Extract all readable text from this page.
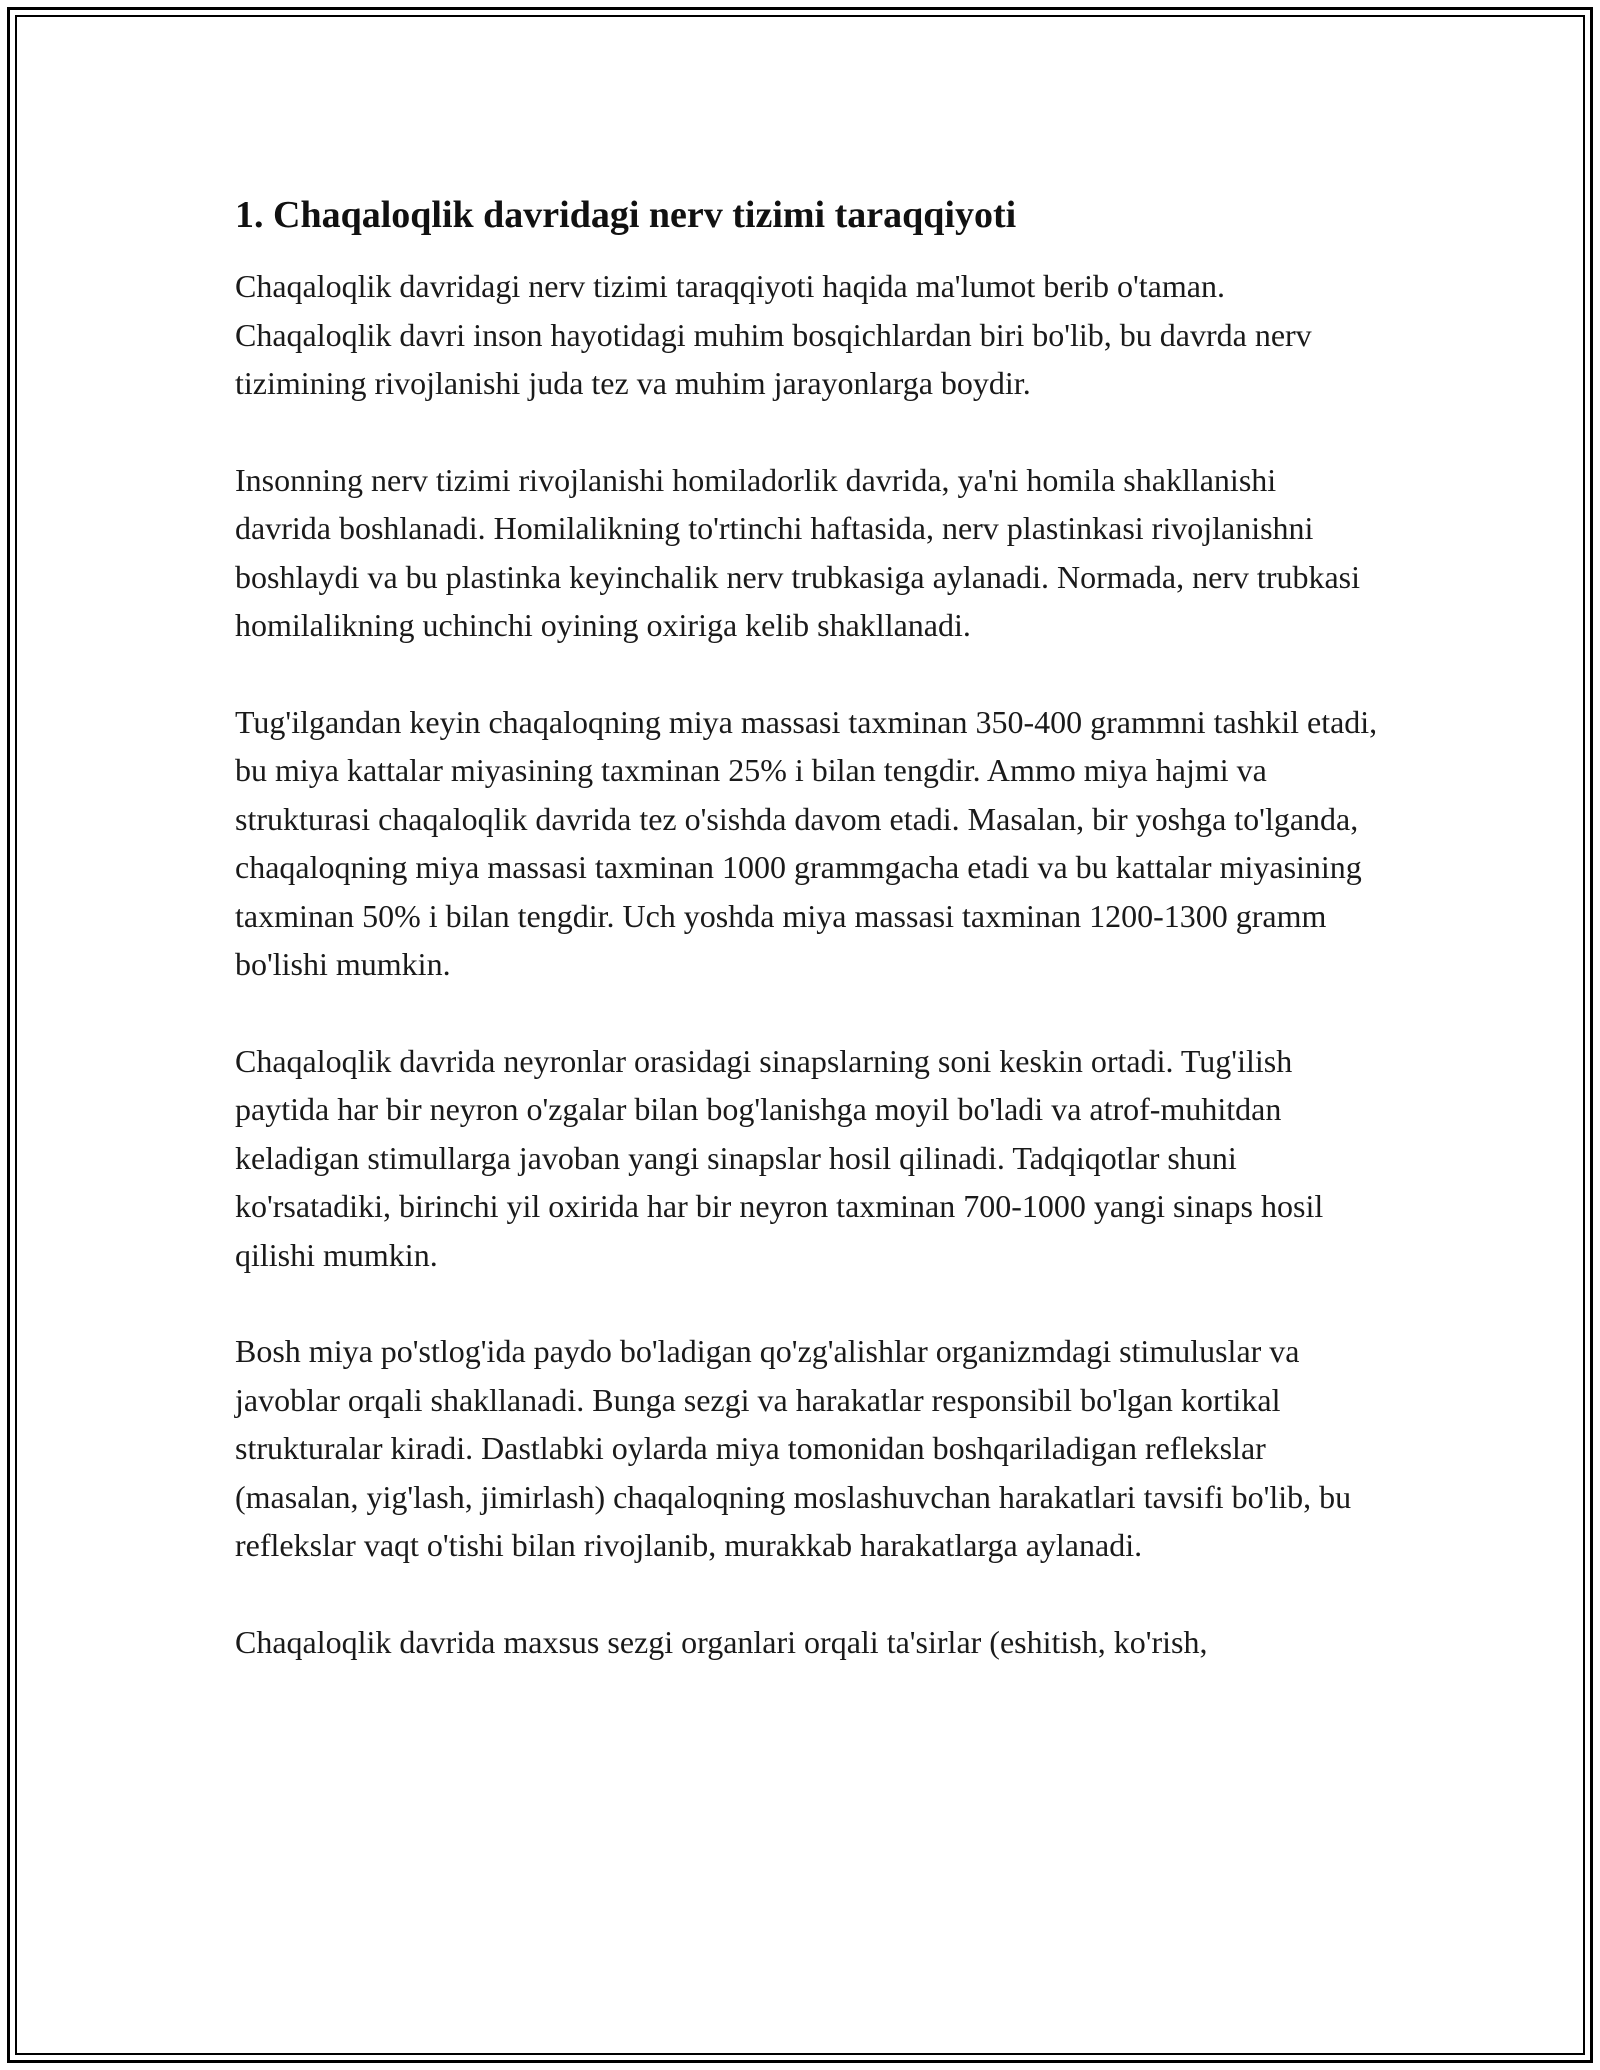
1. Chaqaloqlik davridagi nerv tizimi taraqqiyoti

Chaqaloqlik davridagi nerv tizimi taraqqiyoti haqida ma'lumot berib o'taman. Chaqaloqlik davri inson hayotidagi muhim bosqichlardan biri bo'lib, bu davrda nerv tizimining rivojlanishi juda tez va muhim jarayonlarga boydir.

Insonning nerv tizimi rivojlanishi homiladorlik davrida, ya'ni homila shakllanishi davrida boshlanadi. Homilalikning to'rtinchi haftasida, nerv plastinkasi rivojlanishni boshlaydi va bu plastinka keyinchalik nerv trubkasiga aylanadi. Normada, nerv trubkasi homilalikning uchinchi oyining oxiriga kelib shakllanadi.

Tug'ilgandan keyin chaqaloqning miya massasi taxminan 350-400 grammni tashkil etadi, bu miya kattalar miyasining taxminan 25% i bilan tengdir. Ammo miya hajmi va strukturasi chaqaloqlik davrida tez o'sishda davom etadi. Masalan, bir yoshga to'lganda, chaqaloqning miya massasi taxminan 1000 grammgacha etadi va bu kattalar miyasining taxminan 50% i bilan tengdir. Uch yoshda miya massasi taxminan 1200-1300 gramm bo'lishi mumkin.

Chaqaloqlik davrida neyronlar orasidagi sinapslarning soni keskin ortadi. Tug'ilish paytida har bir neyron o'zgalar bilan bog'lanishga moyil bo'ladi va atrof-muhitdan keladigan stimullarga javoban yangi sinapslar hosil qilinadi. Tadqiqotlar shuni ko'rsatadiki, birinchi yil oxirida har bir neyron taxminan 700-1000 yangi sinaps hosil qilishi mumkin.

Bosh miya po'stlog'ida paydo bo'ladigan qo'zg'alishlar organizmdagi stimuluslar va javoblar orqali shakllanadi. Bunga sezgi va harakatlar responsibil bo'lgan kortikal strukturalar kiradi. Dastlabki oylarda miya tomonidan boshqariladigan reflekslar (masalan, yig'lash, jimirlash) chaqaloqning moslashuvchan harakatlari tavsifi bo'lib, bu reflekslar vaqt o'tishi bilan rivojlanib, murakkab harakatlarga aylanadi.

Chaqaloqlik davrida maxsus sezgi organlari orqali ta'sirlar (eshitish, ko'rish,
